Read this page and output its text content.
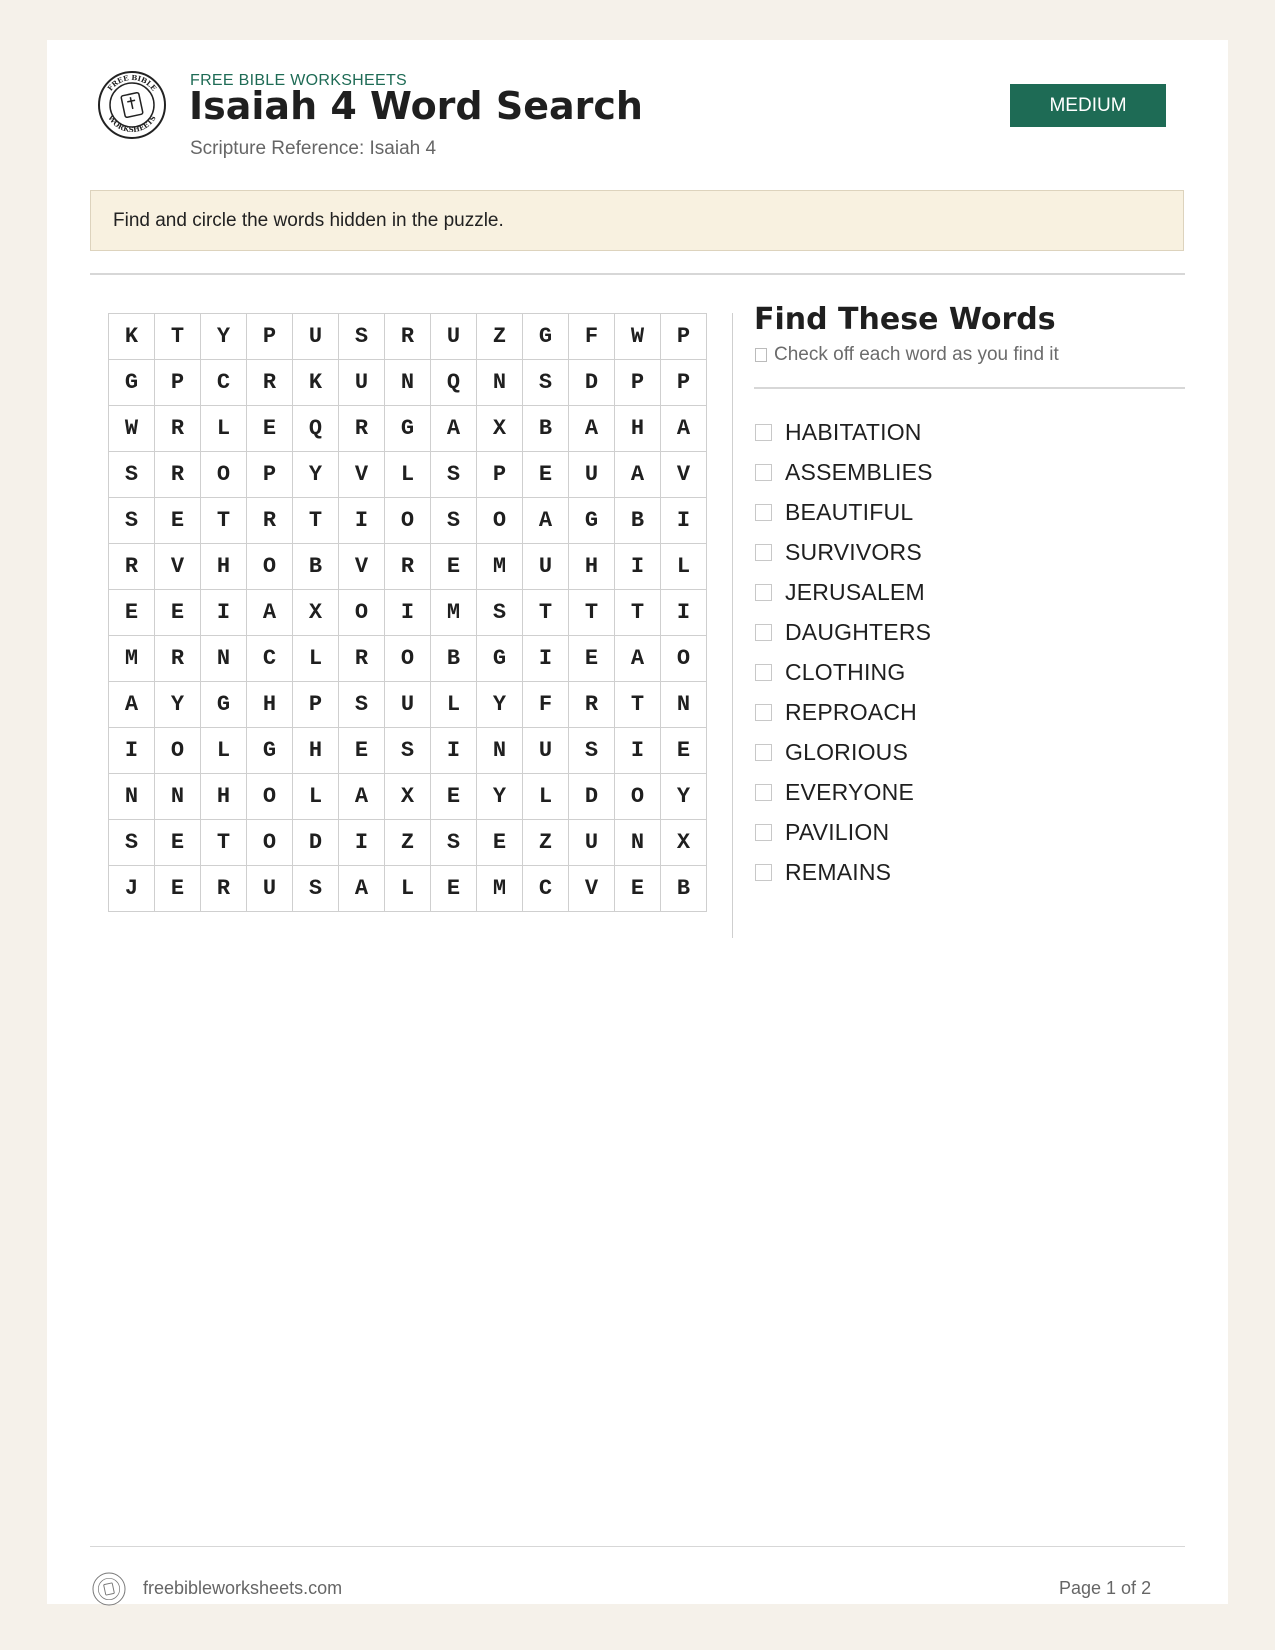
FREE BIBLE
WORKSHEETS
FREE BIBLE WORKSHEETS
Isaiah 4 Word Search
Scripture Reference: Isaiah 4
MEDIUM
Find and circle the words hidden in the puzzle.
K	T	Y	P	U	S	R	U	Z	G	F	W	P
G	P	C	R	K	U	N	Q	N	S	D	P	P
W	R	L	E	Q	R	G	A	X	B	A	H	A
S	R	O	P	Y	V	L	S	P	E	U	A	V
S	E	T	R	T	I	O	S	O	A	G	B	I
R	V	H	O	B	V	R	E	M	U	H	I	L
E	E	I	A	X	O	I	M	S	T	T	T	I
M	R	N	C	L	R	O	B	G	I	E	A	O
A	Y	G	H	P	S	U	L	Y	F	R	T	N
I	O	L	G	H	E	S	I	N	U	S	I	E
N	N	H	O	L	A	X	E	Y	L	D	O	Y
S	E	T	O	D	I	Z	S	E	Z	U	N	X
J	E	R	U	S	A	L	E	M	C	V	E	B
Find These Words
Check off each word as you find it
HABITATION
ASSEMBLIES
BEAUTIFUL
SURVIVORS
JERUSALEM
DAUGHTERS
CLOTHING
REPROACH
GLORIOUS
EVERYONE
PAVILION
REMAINS
freebibleworksheets.com	Page 1 of 2
